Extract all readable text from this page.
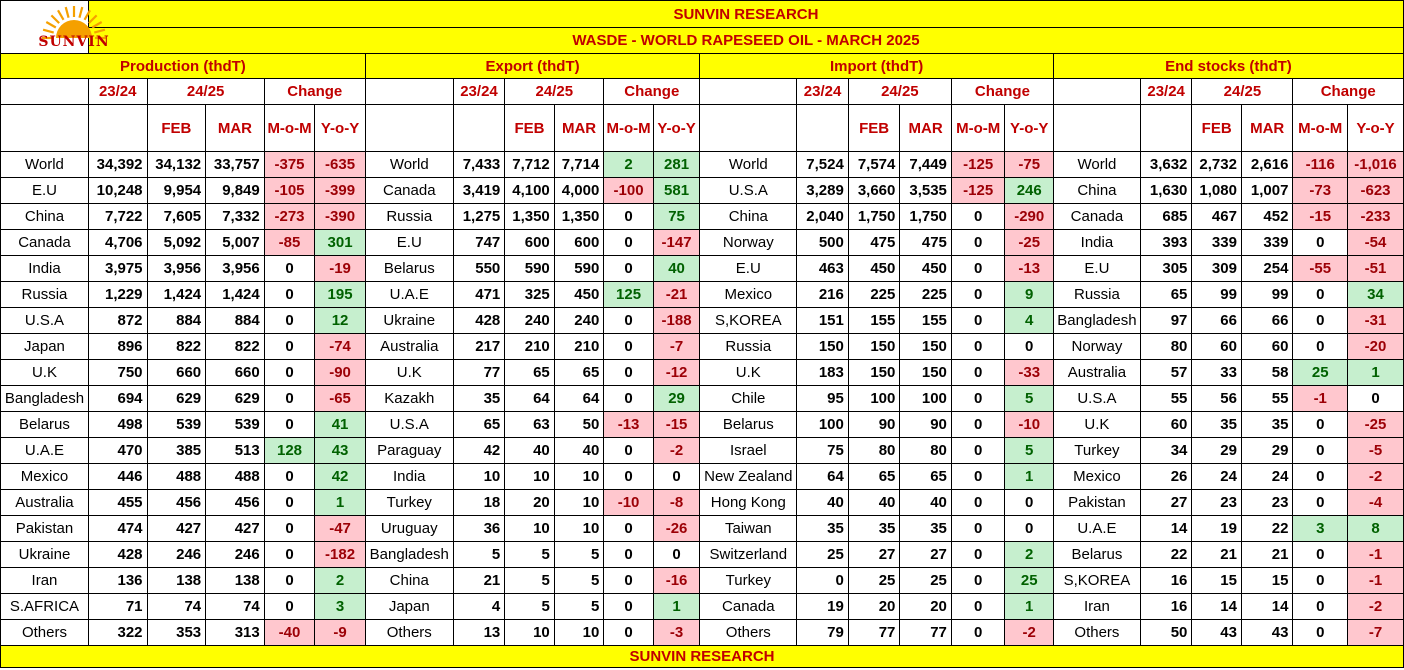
SUNVIN	SUNVIN RESEARCH																						
	WASDE - WORLD RAPESEED OIL - MARCH 2025																						
Production (thdT)						Export (thdT)						Import (thdT)						End stocks (thdT)					
	23/24	24/25		Change			23/24	24/25		Change			23/24	24/25		Change			23/24	24/25		Change	
		FEB	MAR	M-o-M	Y-o-Y			FEB	MAR	M-o-M	Y-o-Y			FEB	MAR	M-o-M	Y-o-Y			FEB	MAR	M-o-M	Y-o-Y
World	34,392	34,132	33,757	-375	-635	World	7,433	7,712	7,714	2	281	World	7,524	7,574	7,449	-125	-75	World	3,632	2,732	2,616	-116	-1,016
E.U	10,248	9,954	9,849	-105	-399	Canada	3,419	4,100	4,000	-100	581	U.S.A	3,289	3,660	3,535	-125	246	China	1,630	1,080	1,007	-73	-623
China	7,722	7,605	7,332	-273	-390	Russia	1,275	1,350	1,350	0	75	China	2,040	1,750	1,750	0	-290	Canada	685	467	452	-15	-233
Canada	4,706	5,092	5,007	-85	301	E.U	747	600	600	0	-147	Norway	500	475	475	0	-25	India	393	339	339	0	-54
India	3,975	3,956	3,956	0	-19	Belarus	550	590	590	0	40	E.U	463	450	450	0	-13	E.U	305	309	254	-55	-51
Russia	1,229	1,424	1,424	0	195	U.A.E	471	325	450	125	-21	Mexico	216	225	225	0	9	Russia	65	99	99	0	34
U.S.A	872	884	884	0	12	Ukraine	428	240	240	0	-188	S,KOREA	151	155	155	0	4	Bangladesh	97	66	66	0	-31
Japan	896	822	822	0	-74	Australia	217	210	210	0	-7	Russia	150	150	150	0	0	Norway	80	60	60	0	-20
U.K	750	660	660	0	-90	U.K	77	65	65	0	-12	U.K	183	150	150	0	-33	Australia	57	33	58	25	1
Bangladesh	694	629	629	0	-65	Kazakh	35	64	64	0	29	Chile	95	100	100	0	5	U.S.A	55	56	55	-1	0
Belarus	498	539	539	0	41	U.S.A	65	63	50	-13	-15	Belarus	100	90	90	0	-10	U.K	60	35	35	0	-25
U.A.E	470	385	513	128	43	Paraguay	42	40	40	0	-2	Israel	75	80	80	0	5	Turkey	34	29	29	0	-5
Mexico	446	488	488	0	42	India	10	10	10	0	0	New Zealand	64	65	65	0	1	Mexico	26	24	24	0	-2
Australia	455	456	456	0	1	Turkey	18	20	10	-10	-8	Hong Kong	40	40	40	0	0	Pakistan	27	23	23	0	-4
Pakistan	474	427	427	0	-47	Uruguay	36	10	10	0	-26	Taiwan	35	35	35	0	0	U.A.E	14	19	22	3	8
Ukraine	428	246	246	0	-182	Bangladesh	5	5	5	0	0	Switzerland	25	27	27	0	2	Belarus	22	21	21	0	-1
Iran	136	138	138	0	2	China	21	5	5	0	-16	Turkey	0	25	25	0	25	S,KOREA	16	15	15	0	-1
S.AFRICA	71	74	74	0	3	Japan	4	5	5	0	1	Canada	19	20	20	0	1	Iran	16	14	14	0	-2
Others	322	353	313	-40	-9	Others	13	10	10	0	-3	Others	79	77	77	0	-2	Others	50	43	43	0	-7
SUNVIN RESEARCH																							
